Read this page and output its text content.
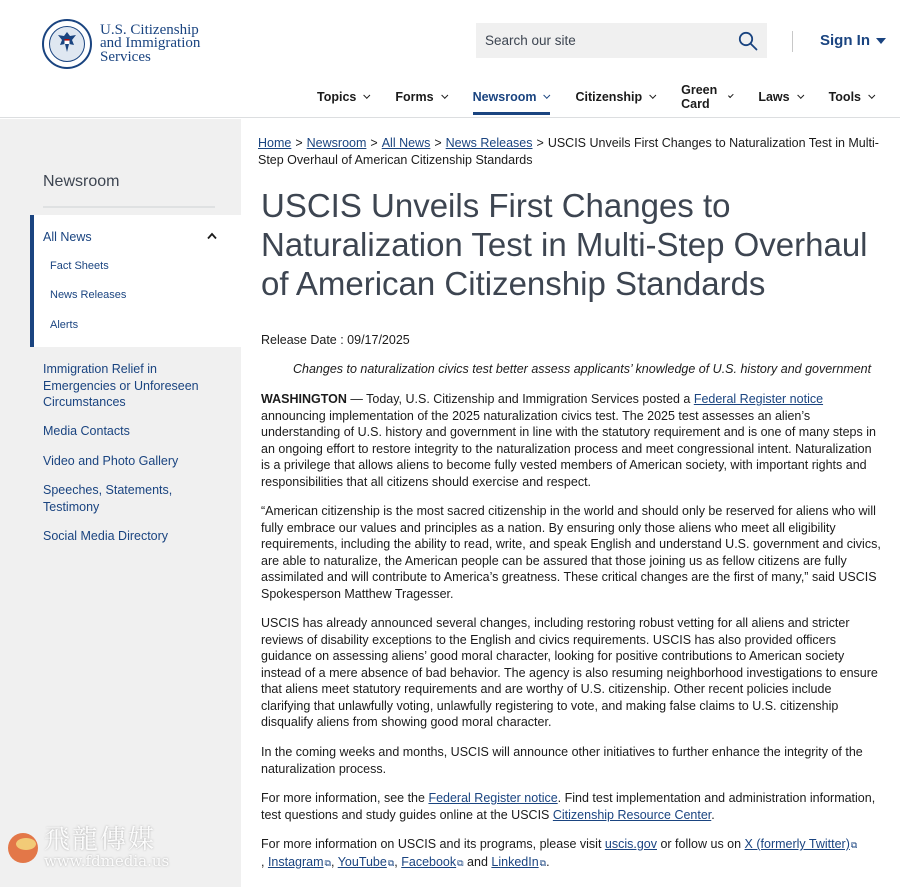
U.S. Citizenship
and Immigration
Services
Search our site
Sign In
Topics	Forms	Newsroom	Citizenship	Green Card	Laws	Tools
Newsroom
All News
Fact Sheets
News Releases
Alerts
Immigration Relief in Emergencies or Unforeseen Circumstances
Media Contacts
Video and Photo Gallery
Speeches, Statements, Testimony
Social Media Directory
Home > Newsroom > All News > News Releases > USCIS Unveils First Changes to Naturalization Test in Multi-Step Overhaul of American Citizenship Standards
USCIS Unveils First Changes to Naturalization Test in Multi-Step Overhaul of American Citizenship Standards
Release Date : 09/17/2025
Changes to naturalization civics test better assess applicants’ knowledge of U.S. history and government

WASHINGTON — Today, U.S. Citizenship and Immigration Services posted a Federal Register notice announcing implementation of the 2025 naturalization civics test. The 2025 test assesses an alien’s understanding of U.S. history and government in line with the statutory requirement and is one of many steps in an ongoing effort to restore integrity to the naturalization process and meet congressional intent. Naturalization is a privilege that allows aliens to become fully vested members of American society, with important rights and responsibilities that all citizens should exercise and respect.

“American citizenship is the most sacred citizenship in the world and should only be reserved for aliens who will fully embrace our values and principles as a nation. By ensuring only those aliens who meet all eligibility requirements, including the ability to read, write, and speak English and understand U.S. government and civics, are able to naturalize, the American people can be assured that those joining us as fellow citizens are fully assimilated and will contribute to America’s greatness. These critical changes are the first of many,” said USCIS Spokesperson Matthew Tragesser.

USCIS has already announced several changes, including restoring robust vetting for all aliens and stricter reviews of disability exceptions to the English and civics requirements. USCIS has also provided officers guidance on assessing aliens’ good moral character, looking for positive contributions to American society instead of a mere absence of bad behavior. The agency is also resuming neighborhood investigations to ensure that aliens meet statutory requirements and are worthy of U.S. citizenship. Other recent policies include clarifying that unlawfully voting, unlawfully registering to vote, and making false claims to U.S. citizenship disqualify aliens from showing good moral character.

In the coming weeks and months, USCIS will announce other initiatives to further enhance the integrity of the naturalization process.

For more information, see the Federal Register notice. Find test implementation and administration information, test questions and study guides online at the USCIS Citizenship Resource Center.

For more information on USCIS and its programs, please visit uscis.gov or follow us on X (formerly Twitter)⧉
, Instagram⧉, YouTube⧉, Facebook⧉ and LinkedIn⧉.

飛龍傳媒
www.fdmedia.us
